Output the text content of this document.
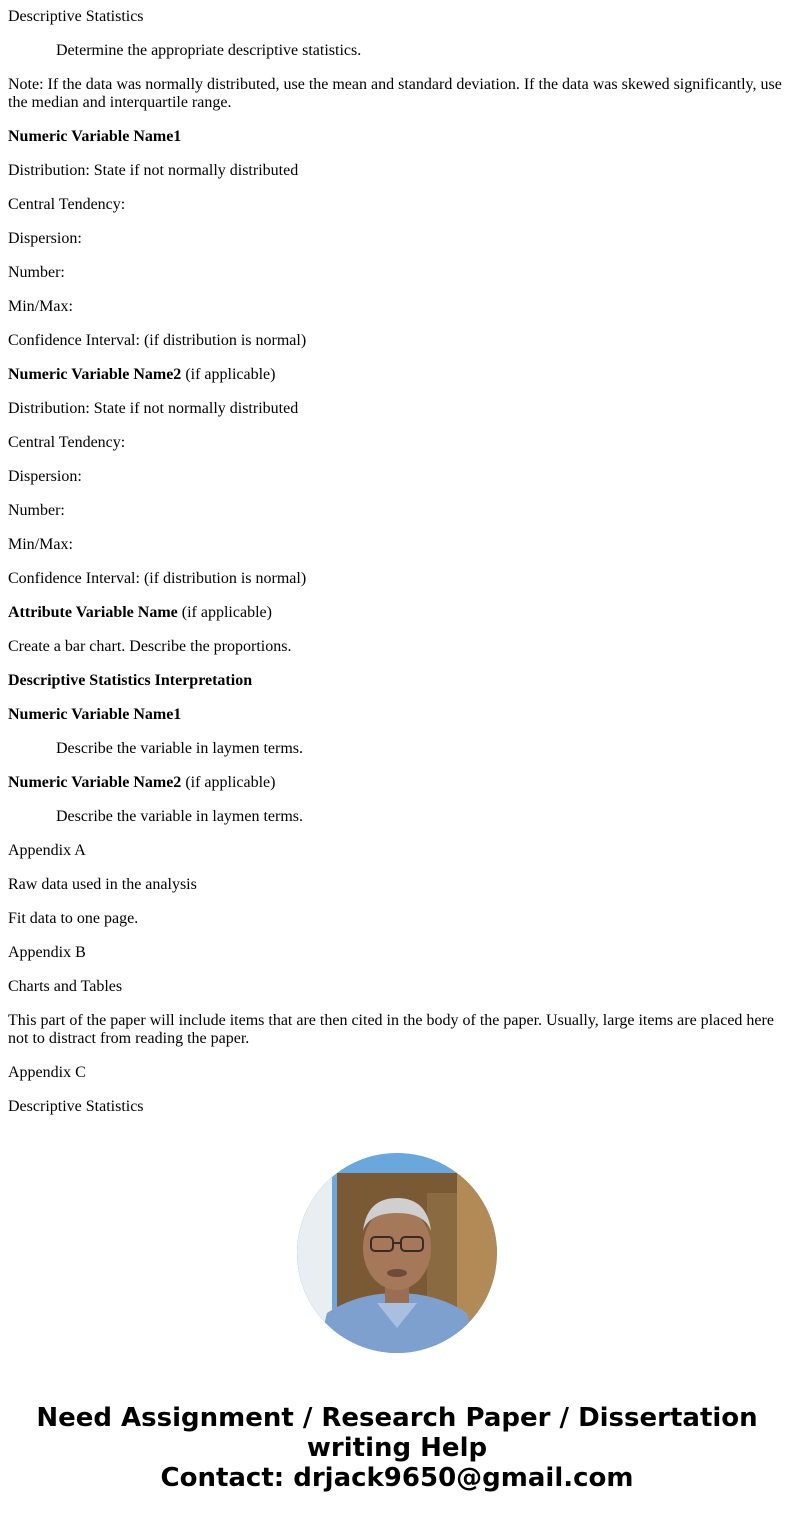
Descriptive Statistics

Determine the appropriate descriptive statistics.

Note: If the data was normally distributed, use the mean and standard deviation. If the data was skewed significantly, use the median and interquartile range.

Numeric Variable Name1

Distribution: State if not normally distributed

Central Tendency:

Dispersion:

Number:

Min/Max:

Confidence Interval: (if distribution is normal)

Numeric Variable Name2 (if applicable)

Distribution: State if not normally distributed

Central Tendency:

Dispersion:

Number:

Min/Max:

Confidence Interval: (if distribution is normal)

Attribute Variable Name (if applicable)

Create a bar chart. Describe the proportions.

Descriptive Statistics Interpretation

Numeric Variable Name1

Describe the variable in laymen terms.

Numeric Variable Name2 (if applicable)

Describe the variable in laymen terms.

Appendix A

Raw data used in the analysis

Fit data to one page.

Appendix B

Charts and Tables

This part of the paper will include items that are then cited in the body of the paper. Usually, large items are placed here not to distract from reading the paper.

Appendix C

Descriptive Statistics

Need Assignment / Research Paper / Dissertation
writing Help
Contact: drjack9650@gmail.com
